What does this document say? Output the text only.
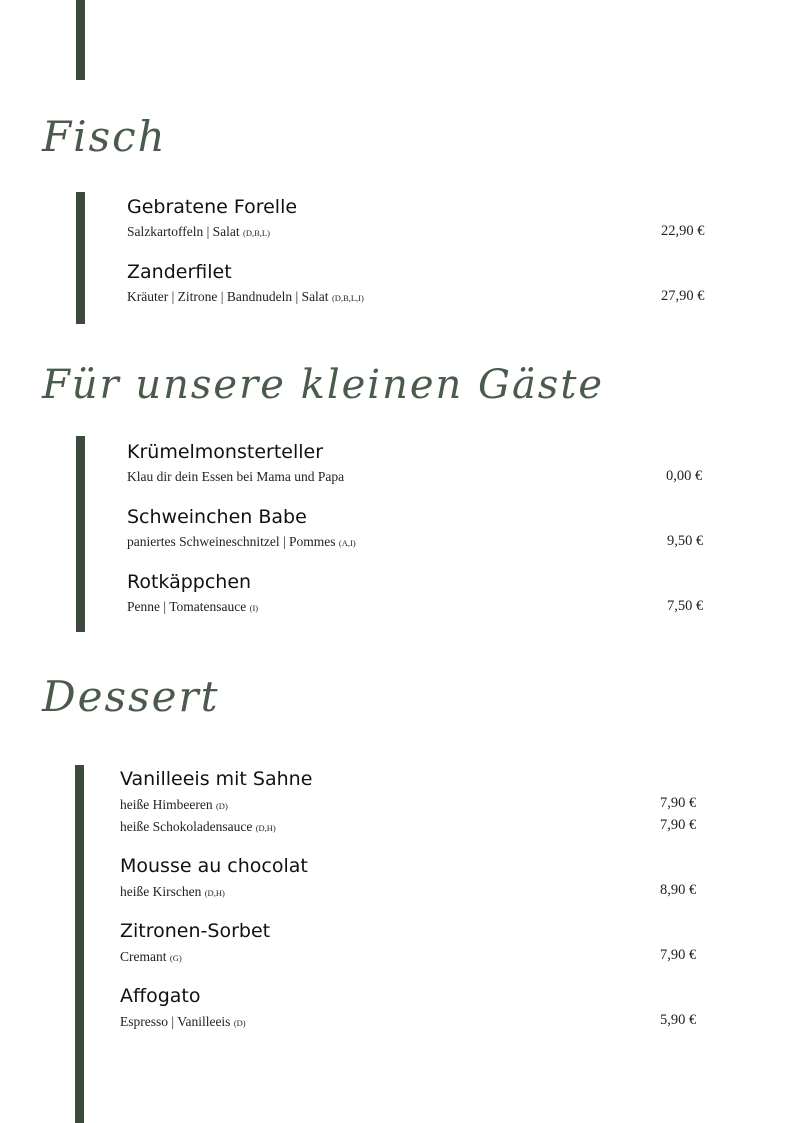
Fisch
Gebratene Forelle
Salzkartoffeln | Salat (D,B,L)	22,90 €
Zanderfilet
Kräuter | Zitrone | Bandnudeln | Salat (D,B,L,I)	27,90 €
Für unsere kleinen Gäste
Krümelmonsterteller
Klau dir dein Essen bei Mama und Papa	0,00 €
Schweinchen Babe
paniertes Schweineschnitzel | Pommes (A,I)	9,50 €
Rotkäppchen
Penne | Tomatensauce (I)	7,50 €
Dessert
Vanilleeis mit Sahne
heiße Himbeeren (D)	7,90 €
heiße Schokoladensauce (D,H)	7,90 €
Mousse au chocolat
heiße Kirschen (D,H)	8,90 €
Zitronen-Sorbet
Cremant (G)	7,90 €
Affogato
Espresso | Vanilleeis (D)	5,90 €
